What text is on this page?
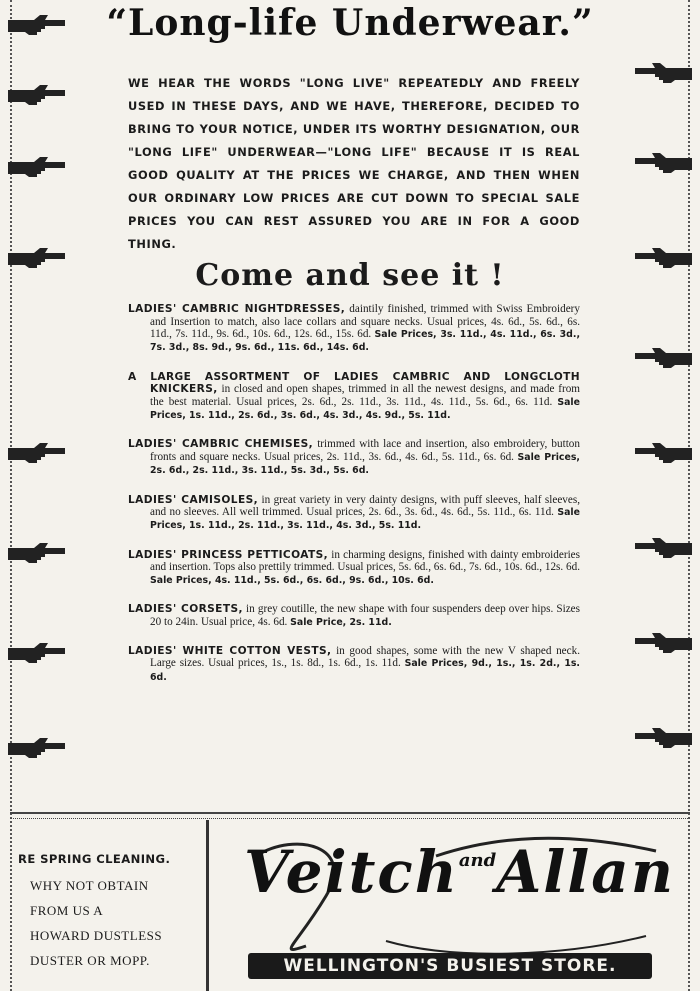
“Long-life Underwear.”
WE HEAR THE WORDS "LONG LIVE" REPEATEDLY AND FREELY USED IN THESE DAYS, AND WE HAVE, THEREFORE, DECIDED TO BRING TO YOUR NOTICE, UNDER ITS WORTHY DESIGNATION, OUR "LONG LIFE" UNDERWEAR—"LONG LIFE" BECAUSE IT IS REAL GOOD QUALITY AT THE PRICES WE CHARGE, AND THEN WHEN OUR ORDINARY LOW PRICES ARE CUT DOWN TO SPECIAL SALE PRICES YOU CAN REST ASSURED YOU ARE IN FOR A GOOD THING.
Come and see it !

LADIES' CAMBRIC NIGHTDRESSES, daintily finished, trimmed with Swiss Embroidery and Insertion to match, also lace collars and square necks. Usual prices, 4s. 6d., 5s. 6d., 6s. 11d., 7s. 11d., 9s. 6d., 10s. 6d., 12s. 6d., 15s. 6d. Sale Prices, 3s. 11d., 4s. 11d., 6s. 3d., 7s. 3d., 8s. 9d., 9s. 6d., 11s. 6d., 14s. 6d.

A LARGE ASSORTMENT OF LADIES CAMBRIC AND LONGCLOTH KNICKERS, in closed and open shapes, trimmed in all the newest designs, and made from the best material. Usual prices, 2s. 6d., 2s. 11d., 3s. 11d., 4s. 11d., 5s. 6d., 6s. 11d. Sale Prices, 1s. 11d., 2s. 6d., 3s. 6d., 4s. 3d., 4s. 9d., 5s. 11d.

LADIES' CAMBRIC CHEMISES, trimmed with lace and insertion, also embroidery, button fronts and square necks. Usual prices, 2s. 11d., 3s. 6d., 4s. 6d., 5s. 11d., 6s. 6d. Sale Prices, 2s. 6d., 2s. 11d., 3s. 11d., 5s. 3d., 5s. 6d.

LADIES' CAMISOLES, in great variety in very dainty designs, with puff sleeves, half sleeves, and no sleeves. All well trimmed. Usual prices, 2s. 6d., 3s. 6d., 4s. 6d., 5s. 11d., 6s. 11d. Sale Prices, 1s. 11d., 2s. 11d., 3s. 11d., 4s. 3d., 5s. 11d.

LADIES' PRINCESS PETTICOATS, in charming designs, finished with dainty embroideries and insertion. Tops also prettily trimmed. Usual prices, 5s. 6d., 6s. 6d., 7s. 6d., 10s. 6d., 12s. 6d. Sale Prices, 4s. 11d., 5s. 6d., 6s. 6d., 9s. 6d., 10s. 6d.

LADIES' CORSETS, in grey coutille, the new shape with four suspenders deep over hips. Sizes 20 to 24in. Usual price, 4s. 6d. Sale Price, 2s. 11d.

LADIES' WHITE COTTON VESTS, in good shapes, some with the new V shaped neck. Large sizes. Usual prices, 1s., 1s. 8d., 1s. 6d., 1s. 11d. Sale Prices, 9d., 1s., 1s. 2d., 1s. 6d.

RE SPRING CLEANING.
WHY NOT OBTAIN
FROM US A
HOWARD DUSTLESS
DUSTER OR MOPP.
Veitch$^{and}$Allan
WELLINGTON'S BUSIEST STORE.
